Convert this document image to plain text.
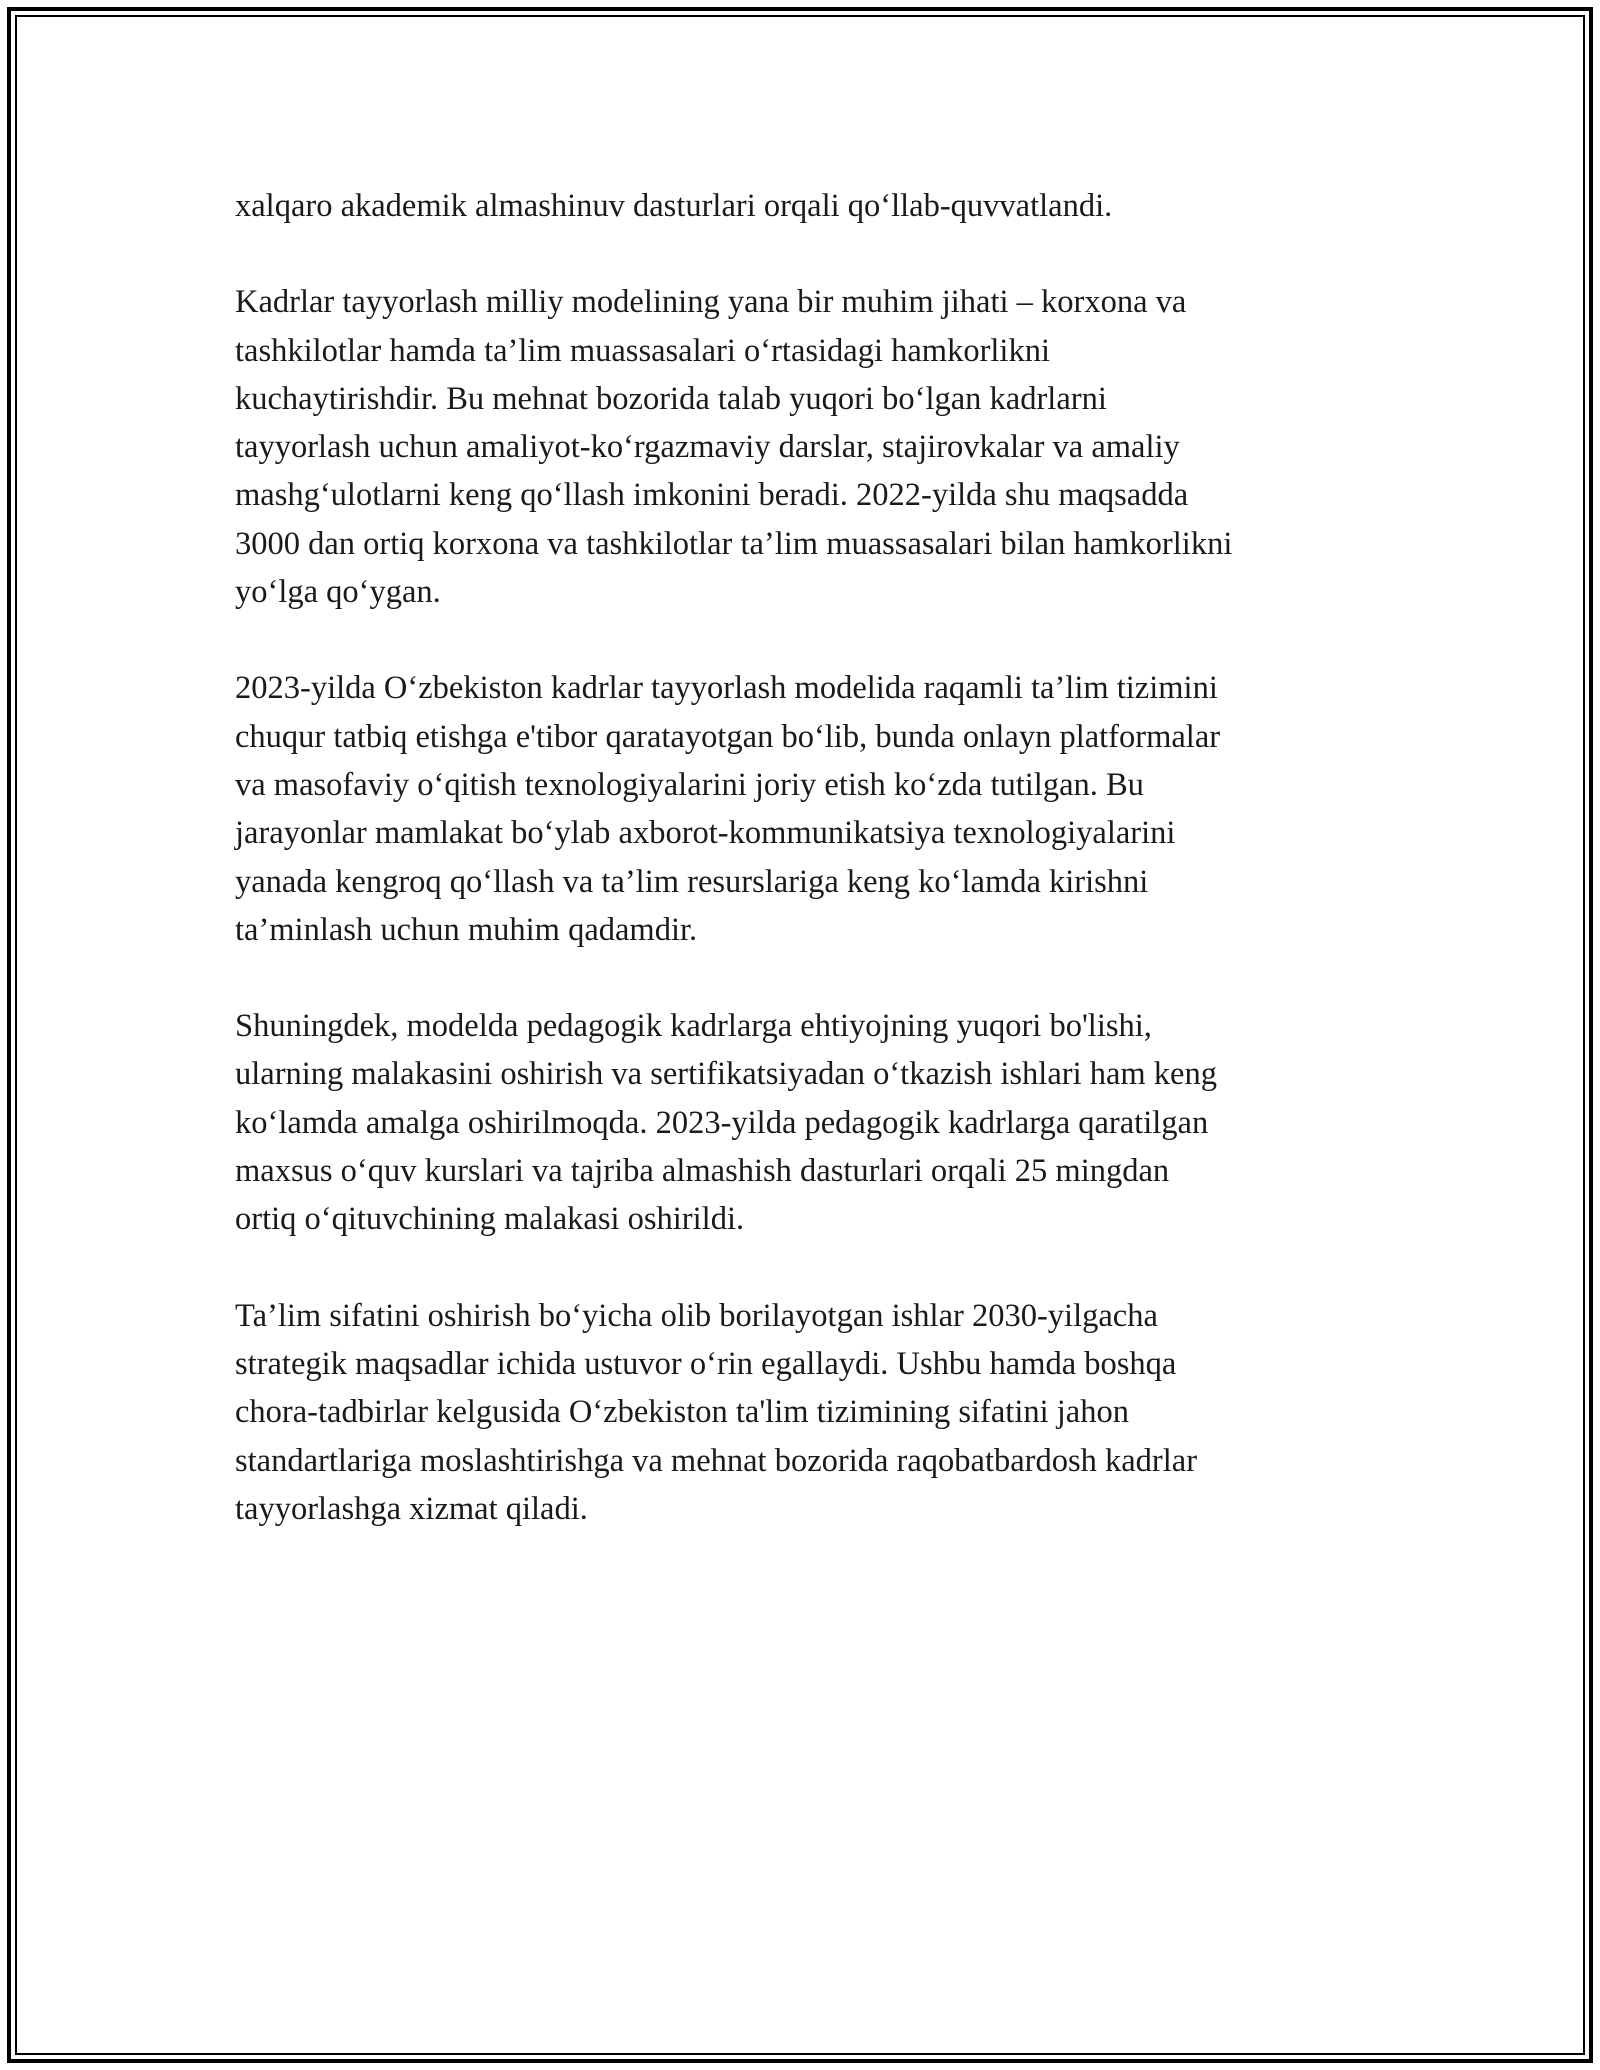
xalqaro akademik almashinuv dasturlari orqali qo‘llab-quvvatlandi.

Kadrlar tayyorlash milliy modelining yana bir muhim jihati – korxona va
tashkilotlar hamda ta’lim muassasalari o‘rtasidagi hamkorlikni
kuchaytirishdir. Bu mehnat bozorida talab yuqori bo‘lgan kadrlarni
tayyorlash uchun amaliyot-ko‘rgazmaviy darslar, stajirovkalar va amaliy
mashg‘ulotlarni keng qo‘llash imkonini beradi. 2022-yilda shu maqsadda
3000 dan ortiq korxona va tashkilotlar ta’lim muassasalari bilan hamkorlikni
yo‘lga qo‘ygan.

2023-yilda O‘zbekiston kadrlar tayyorlash modelida raqamli ta’lim tizimini
chuqur tatbiq etishga e'tibor qaratayotgan bo‘lib, bunda onlayn platformalar
va masofaviy o‘qitish texnologiyalarini joriy etish ko‘zda tutilgan. Bu
jarayonlar mamlakat bo‘ylab axborot-kommunikatsiya texnologiyalarini
yanada kengroq qo‘llash va ta’lim resurslariga keng ko‘lamda kirishni
ta’minlash uchun muhim qadamdir.

Shuningdek, modelda pedagogik kadrlarga ehtiyojning yuqori bo'lishi,
ularning malakasini oshirish va sertifikatsiyadan o‘tkazish ishlari ham keng
ko‘lamda amalga oshirilmoqda. 2023-yilda pedagogik kadrlarga qaratilgan
maxsus o‘quv kurslari va tajriba almashish dasturlari orqali 25 mingdan
ortiq o‘qituvchining malakasi oshirildi.

Ta’lim sifatini oshirish bo‘yicha olib borilayotgan ishlar 2030-yilgacha
strategik maqsadlar ichida ustuvor o‘rin egallaydi. Ushbu hamda boshqa
chora-tadbirlar kelgusida O‘zbekiston ta'lim tizimining sifatini jahon
standartlariga moslashtirishga va mehnat bozorida raqobatbardosh kadrlar
tayyorlashga xizmat qiladi.
